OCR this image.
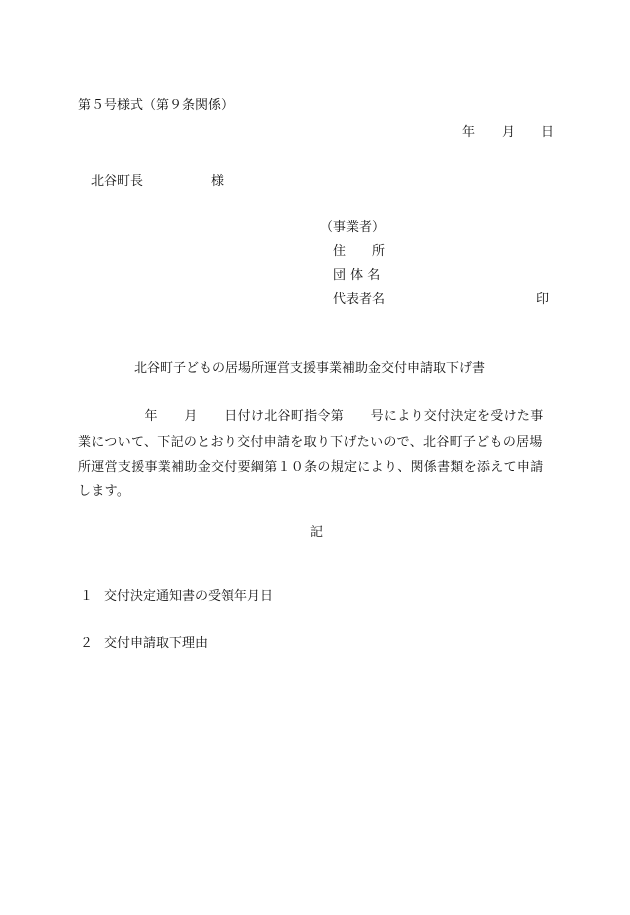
第５号様式（第９条関係）
年 月 日
北谷町長	様
（事業者）
住　　所
団 体 名
代表者名	印
北谷町子どもの居場所運営支援事業補助金交付申請取下げ書
　　　　　年　　月　　日付け北谷町指令第　　号により交付決定を受けた事
業について、下記のとおり交付申請を取り下げたいので、北谷町子どもの居場
所運営支援事業補助金交付要綱第１０条の規定により、関係書類を添えて申請
します。
記
１ 交付決定通知書の受領年月日
２ 交付申請取下理由
